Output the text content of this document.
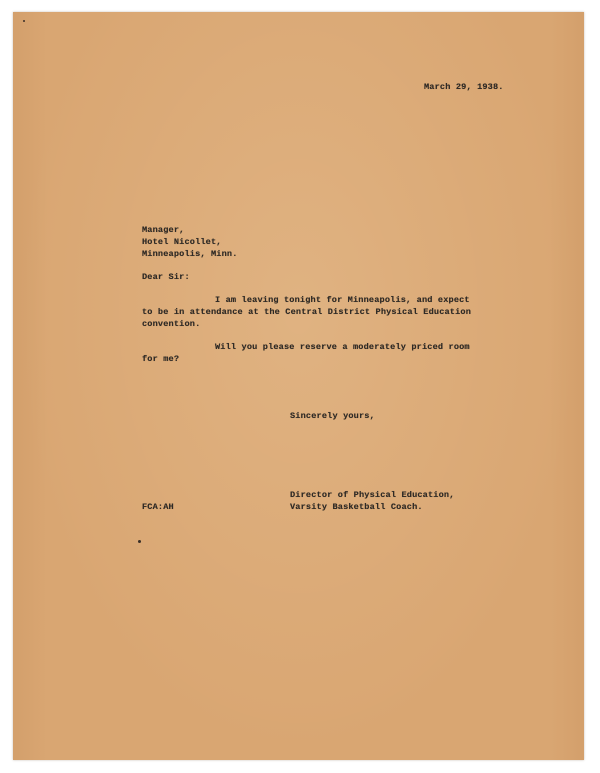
March 29, 1938.
Manager,
Hotel Nicollet,
Minneapolis, Minn.
Dear Sir:
I am leaving tonight for Minneapolis, and expect
to be in attendance at the Central District Physical Education
convention.
Will you please reserve a moderately priced room
for me?
Sincerely yours,
Director of Physical Education,
Varsity Basketball Coach.
FCA:AH
